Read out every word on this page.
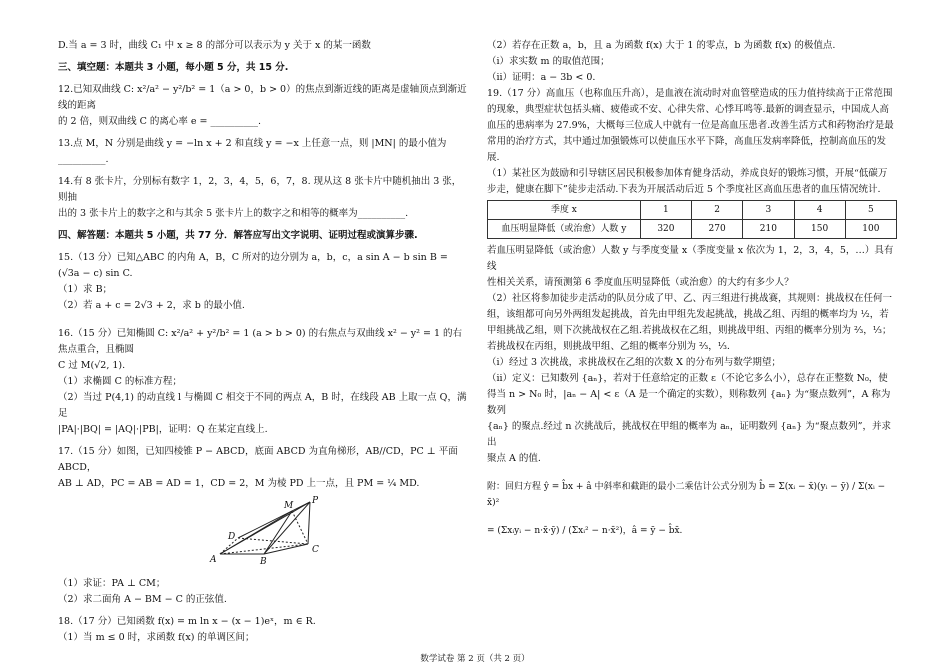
D.当 a = 3 时，曲线 C₁ 中 x ≥ 8 的部分可以表示为 y 关于 x 的某一函数

三、填空题：本题共 3 小题，每小题 5 分，共 15 分.

12.已知双曲线 C: x²/a² − y²/b² = 1（a > 0，b > 0）的焦点到渐近线的距离是虚轴顶点到渐近线的距离

的 2 倍，则双曲线 C 的离心率 e = __________.

13.点 M，N 分别是曲线 y = −ln x + 2 和直线 y = −x 上任意一点，则 |MN| 的最小值为__________.

14.有 8 张卡片，分别标有数字 1，2，3，4，5，6，7，8. 现从这 8 张卡片中随机抽出 3 张，则抽

出的 3 张卡片上的数字之和与其余 5 张卡片上的数字之和相等的概率为__________.

四、解答题：本题共 5 小题，共 77 分．解答应写出文字说明、证明过程或演算步骤.

15.（13 分）已知△ABC 的内角 A，B，C 所对的边分别为 a，b，c，a sin A − b sin B = (√3a − c) sin C.

（1）求 B；

（2）若 a + c = 2√3 + 2，求 b 的最小值.

16.（15 分）已知椭圆 C: x²/a² + y²/b² = 1 (a > b > 0) 的右焦点与双曲线 x² − y² = 1 的右焦点重合，且椭圆

C 过 M(√2, 1).

（1）求椭圆 C 的标准方程；

（2）当过 P(4,1) 的动直线 l 与椭圆 C 相交于不同的两点 A，B 时，在线段 AB 上取一点 Q，满足

|PA|·|BQ| = |AQ|·|PB|，证明：Q 在某定直线上.

17.（15 分）如图，已知四棱锥 P − ABCD，底面 ABCD 为直角梯形，AB//CD，PC ⊥ 平面 ABCD，

AB ⊥ AD，PC = AB = AD = 1，CD = 2，M 为棱 PD 上一点，且 PM = ¼ MD.

M P
D
A	B
C

（1）求证：PA ⊥ CM；

（2）求二面角 A − BM − C 的正弦值.

18.（17 分）已知函数 f(x) = m ln x − (x − 1)eˣ，m ∈ R.

（1）当 m ≤ 0 时，求函数 f(x) 的单调区间；

（2）若存在正数 a，b，且 a 为函数 f(x) 大于 1 的零点，b 为函数 f(x) 的极值点.

（i）求实数 m 的取值范围；

（ii）证明：a − 3b < 0.

19.（17 分）高血压（也称血压升高），是血液在流动时对血管壁造成的压力值持续高于正常范围

的现象，典型症状包括头痛、疲倦或不安、心律失常、心悸耳鸣等.最新的调查显示，中国成人高

血压的患病率为 27.9%，大概每三位成人中就有一位是高血压患者.改善生活方式和药物治疗是最

常用的治疗方式，其中通过加强锻炼可以使血压水平下降，高血压发病率降低，控制高血压的发展.

（1）某社区为鼓励和引导辖区居民积极参加体育健身活动，养成良好的锻炼习惯，开展“低碳万

步走，健康在脚下”徒步走活动.下表为开展活动后近 5 个季度社区高血压患者的血压情况统计.

季度 x	1	2	3	4	5
血压明显降低（或治愈）人数 y	320	270	210	150	100

若血压明显降低（或治愈）人数 y 与季度变量 x（季度变量 x 依次为 1，2，3，4，5，…）具有线

性相关关系，请预测第 6 季度血压明显降低（或治愈）的大约有多少人？

（2）社区将参加徒步走活动的队员分成了甲、乙、丙三组进行挑战赛，其规则：挑战权在任何一

组，该组都可向另外两组发起挑战，首先由甲组先发起挑战，挑战乙组、丙组的概率均为 ½，若

甲组挑战乙组，则下次挑战权在乙组.若挑战权在乙组，则挑战甲组、丙组的概率分别为 ⅔，⅓；

若挑战权在丙组，则挑战甲组、乙组的概率分别为 ⅔，⅓.

（i）经过 3 次挑战，求挑战权在乙组的次数 X 的分布列与数学期望；

（ii）定义：已知数列 {aₙ}，若对于任意给定的正数 ε（不论它多么小），总存在正整数 N₀，使

得当 n > N₀ 时，|aₙ − A| < ε（A 是一个确定的实数），则称数列 {aₙ} 为“聚点数列”，A 称为数列

{aₙ} 的聚点.经过 n 次挑战后，挑战权在甲组的概率为 aₙ，证明数列 {aₙ} 为“聚点数列”，并求出

聚点 A 的值.

附：回归方程 ŷ = b̂x + â 中斜率和截距的最小二乘估计公式分别为 b̂ = Σ(xᵢ − x̄)(yᵢ − ȳ) / Σ(xᵢ − x̄)²

= (Σxᵢyᵢ − n·x̄·ȳ) / (Σxᵢ² − n·x̄²)，â = ȳ − b̂x̄.

数学试卷 第 2 页（共 2 页）
